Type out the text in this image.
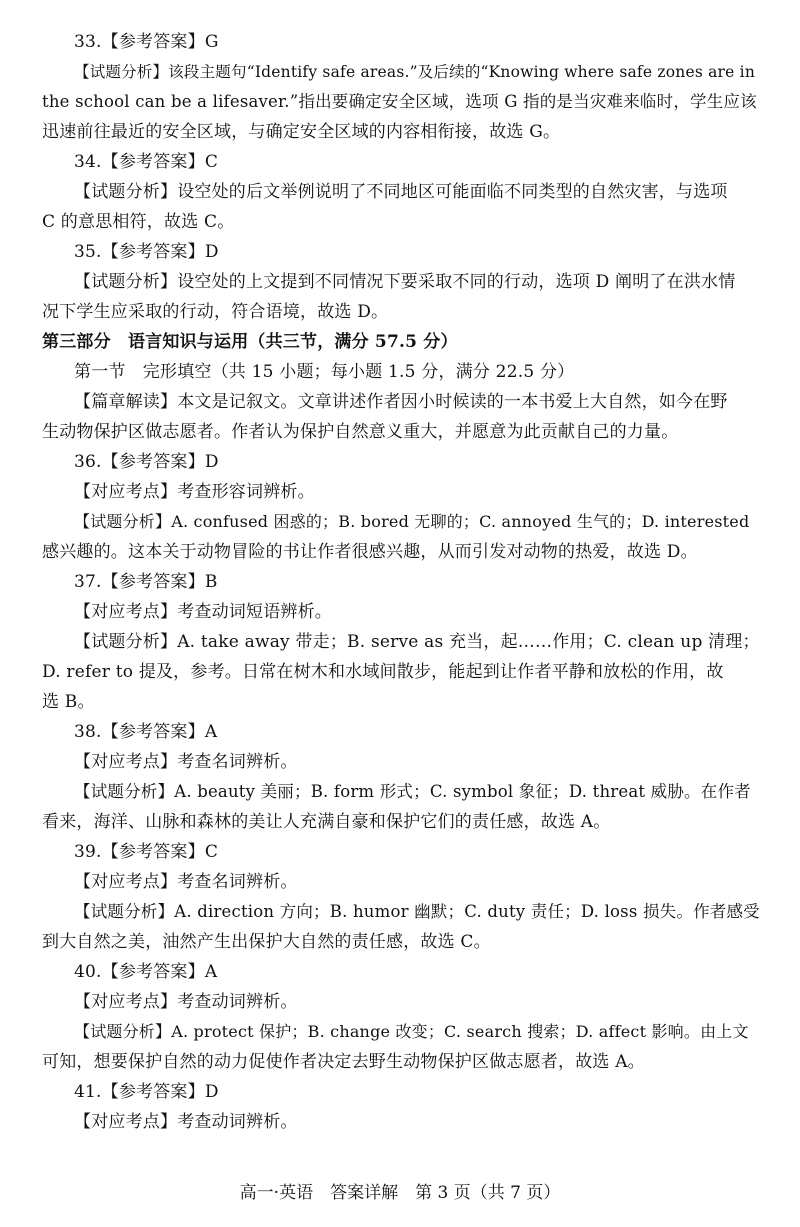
33.【参考答案】G
【试题分析】该段主题句“Identify safe areas.”及后续的“Knowing where safe zones are in
the school can be a lifesaver.”指出要确定安全区域，选项 G 指的是当灾难来临时，学生应该
迅速前往最近的安全区域，与确定安全区域的内容相衔接，故选 G。
34.【参考答案】C
【试题分析】设空处的后文举例说明了不同地区可能面临不同类型的自然灾害，与选项
C 的意思相符，故选 C。
35.【参考答案】D
【试题分析】设空处的上文提到不同情况下要采取不同的行动，选项 D 阐明了在洪水情
况下学生应采取的行动，符合语境，故选 D。
第三部分　语言知识与运用（共三节，满分 57.5 分）
第一节　完形填空（共 15 小题；每小题 1.5 分，满分 22.5 分）
【篇章解读】本文是记叙文。文章讲述作者因小时候读的一本书爱上大自然，如今在野
生动物保护区做志愿者。作者认为保护自然意义重大，并愿意为此贡献自己的力量。
36.【参考答案】D
【对应考点】考查形容词辨析。
【试题分析】A. confused 困惑的；B. bored 无聊的；C. annoyed 生气的；D. interested
感兴趣的。这本关于动物冒险的书让作者很感兴趣，从而引发对动物的热爱，故选 D。
37.【参考答案】B
【对应考点】考查动词短语辨析。
【试题分析】A. take away 带走；B. serve as 充当，起……作用；C. clean up 清理；
D. refer to 提及，参考。日常在树木和水域间散步，能起到让作者平静和放松的作用，故
选 B。
38.【参考答案】A
【对应考点】考查名词辨析。
【试题分析】A. beauty 美丽；B. form 形式；C. symbol 象征；D. threat 威胁。在作者
看来，海洋、山脉和森林的美让人充满自豪和保护它们的责任感，故选 A。
39.【参考答案】C
【对应考点】考查名词辨析。
【试题分析】A. direction 方向；B. humor 幽默；C. duty 责任；D. loss 损失。作者感受
到大自然之美，油然产生出保护大自然的责任感，故选 C。
40.【参考答案】A
【对应考点】考查动词辨析。
【试题分析】A. protect 保护；B. change 改变；C. search 搜索；D. affect 影响。由上文
可知，想要保护自然的动力促使作者决定去野生动物保护区做志愿者，故选 A。
41.【参考答案】D
【对应考点】考查动词辨析。
高一·英语　答案详解　第 3 页（共 7 页）
